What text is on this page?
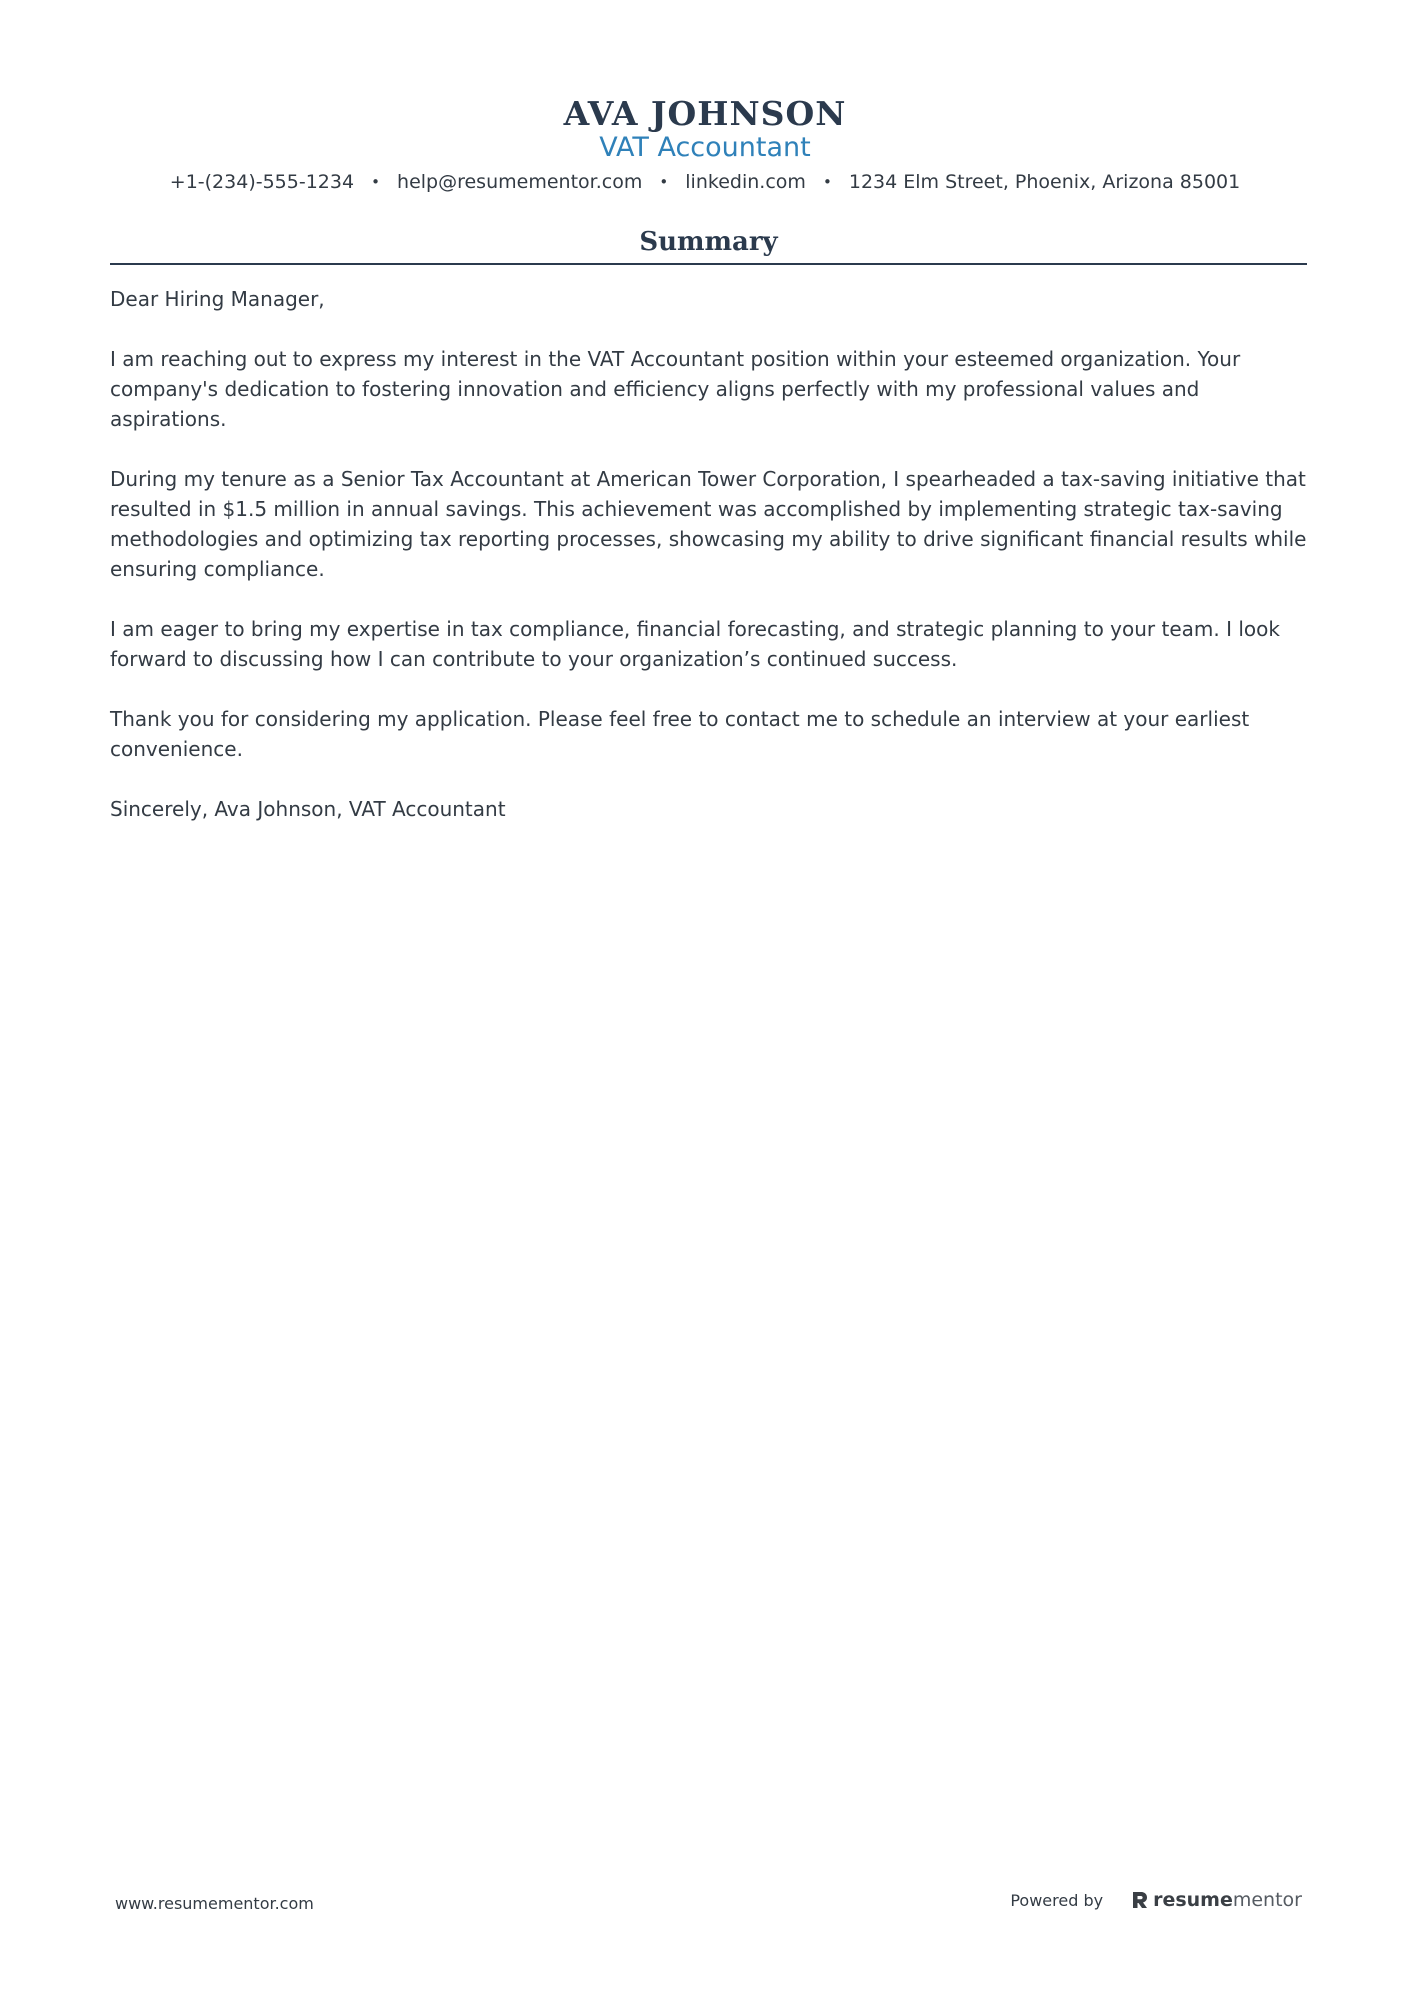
AVA JOHNSON
VAT Accountant
+1-(234)-555-1234 • help@resumementor.com • linkedin.com • 1234 Elm Street, Phoenix, Arizona 85001
Summary

Dear Hiring Manager,

I am reaching out to express my interest in the VAT Accountant position within your esteemed organization. Your company's dedication to fostering innovation and efficiency aligns perfectly with my professional values and aspirations.

During my tenure as a Senior Tax Accountant at American Tower Corporation, I spearheaded a tax-saving initiative that resulted in $1.5 million in annual savings. This achievement was accomplished by implementing strategic tax-saving methodologies and optimizing tax reporting processes, showcasing my ability to drive significant financial results while ensuring compliance.

I am eager to bring my expertise in tax compliance, financial forecasting, and strategic planning to your team. I look forward to discussing how I can contribute to your organization’s continued success.

Thank you for considering my application. Please feel free to contact me to schedule an interview at your earliest convenience.

Sincerely, Ava Johnson, VAT Accountant

www.resumementor.com	Powered by	resume mentor
